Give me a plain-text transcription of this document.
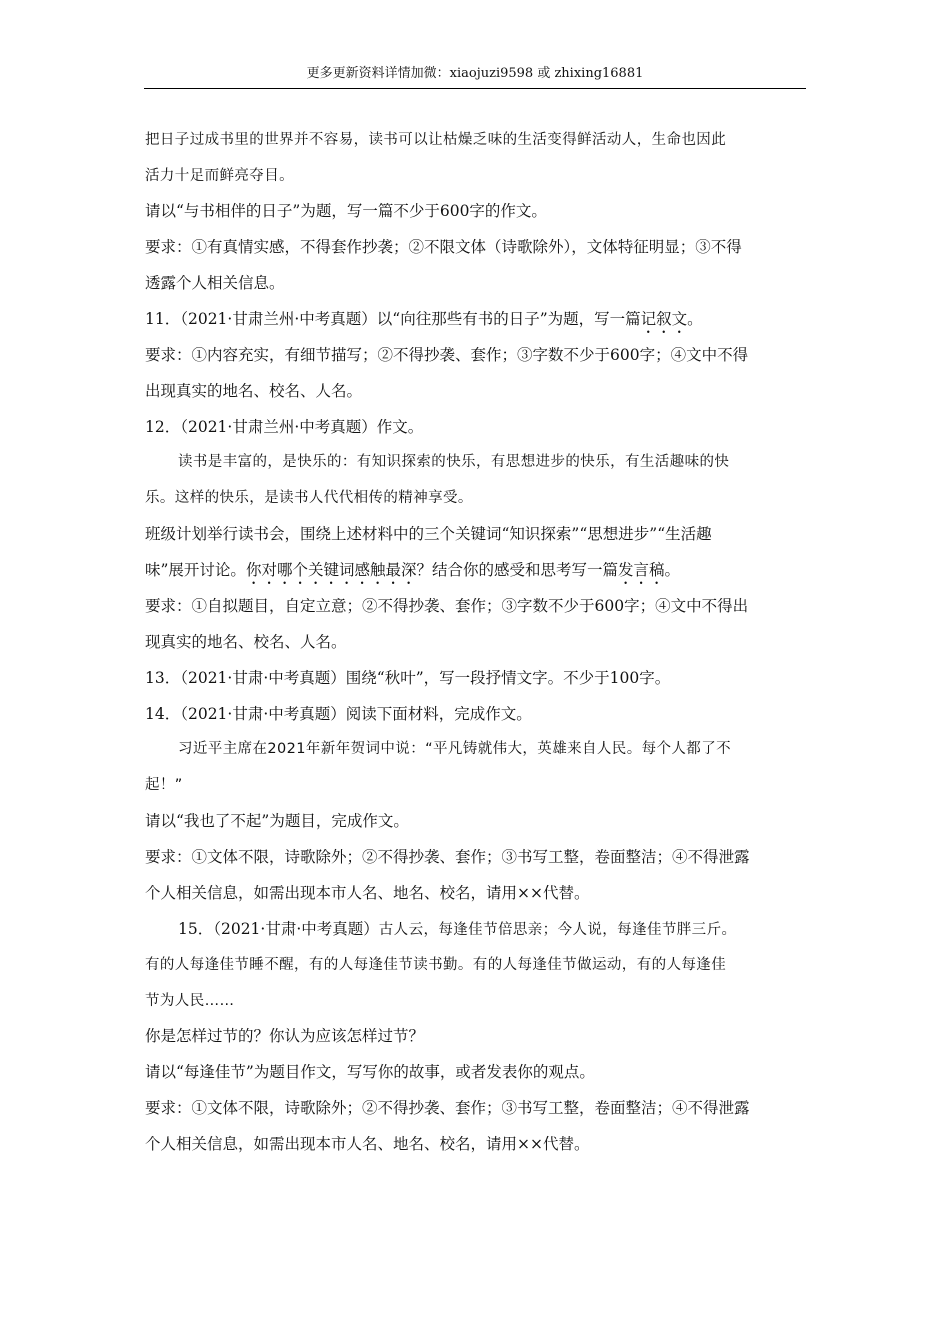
更多更新资料详情加微：xiaojuzi9598 或 zhixing16881
把日子过成书里的世界并不容易，读书可以让枯燥乏味的生活变得鲜活动人，生命也因此
活力十足而鲜亮夺目。
请以“与书相伴的日子”为题，写一篇不少于600字的作文。
要求：①有真情实感，不得套作抄袭；②不限文体（诗歌除外），文体特征明显；③不得
透露个人相关信息。
11．（2021·甘肃兰州·中考真题）以“向往那些有书的日子”为题，写一篇记叙文。
要求：①内容充实，有细节描写；②不得抄袭、套作；③字数不少于600字；④文中不得
出现真实的地名、校名、人名。
12．（2021·甘肃兰州·中考真题）作文。
读书是丰富的，是快乐的：有知识探索的快乐，有思想进步的快乐，有生活趣味的快
乐。这样的快乐，是读书人代代相传的精神享受。
班级计划举行读书会，围绕上述材料中的三个关键词“知识探索”“思想进步”“生活趣
味”展开讨论。你对哪个关键词感触最深？结合你的感受和思考写一篇发言稿。
要求：①自拟题目，自定立意；②不得抄袭、套作；③字数不少于600字；④文中不得出
现真实的地名、校名、人名。
13．（2021·甘肃·中考真题）围绕“秋叶”，写一段抒情文字。不少于100字。
14．（2021·甘肃·中考真题）阅读下面材料，完成作文。
习近平主席在2021年新年贺词中说：“平凡铸就伟大，英雄来自人民。每个人都了不
起！”
请以“我也了不起”为题目，完成作文。
要求：①文体不限，诗歌除外；②不得抄袭、套作；③书写工整，卷面整洁；④不得泄露
个人相关信息，如需出现本市人名、地名、校名，请用××代替。
15．（2021·甘肃·中考真题）古人云，每逢佳节倍思亲；今人说，每逢佳节胖三斤。
有的人每逢佳节睡不醒，有的人每逢佳节读书勤。有的人每逢佳节做运动，有的人每逢佳
节为人民……
你是怎样过节的？你认为应该怎样过节？
请以“每逢佳节”为题目作文，写写你的故事，或者发表你的观点。
要求：①文体不限，诗歌除外；②不得抄袭、套作；③书写工整，卷面整洁；④不得泄露
个人相关信息，如需出现本市人名、地名、校名，请用××代替。
